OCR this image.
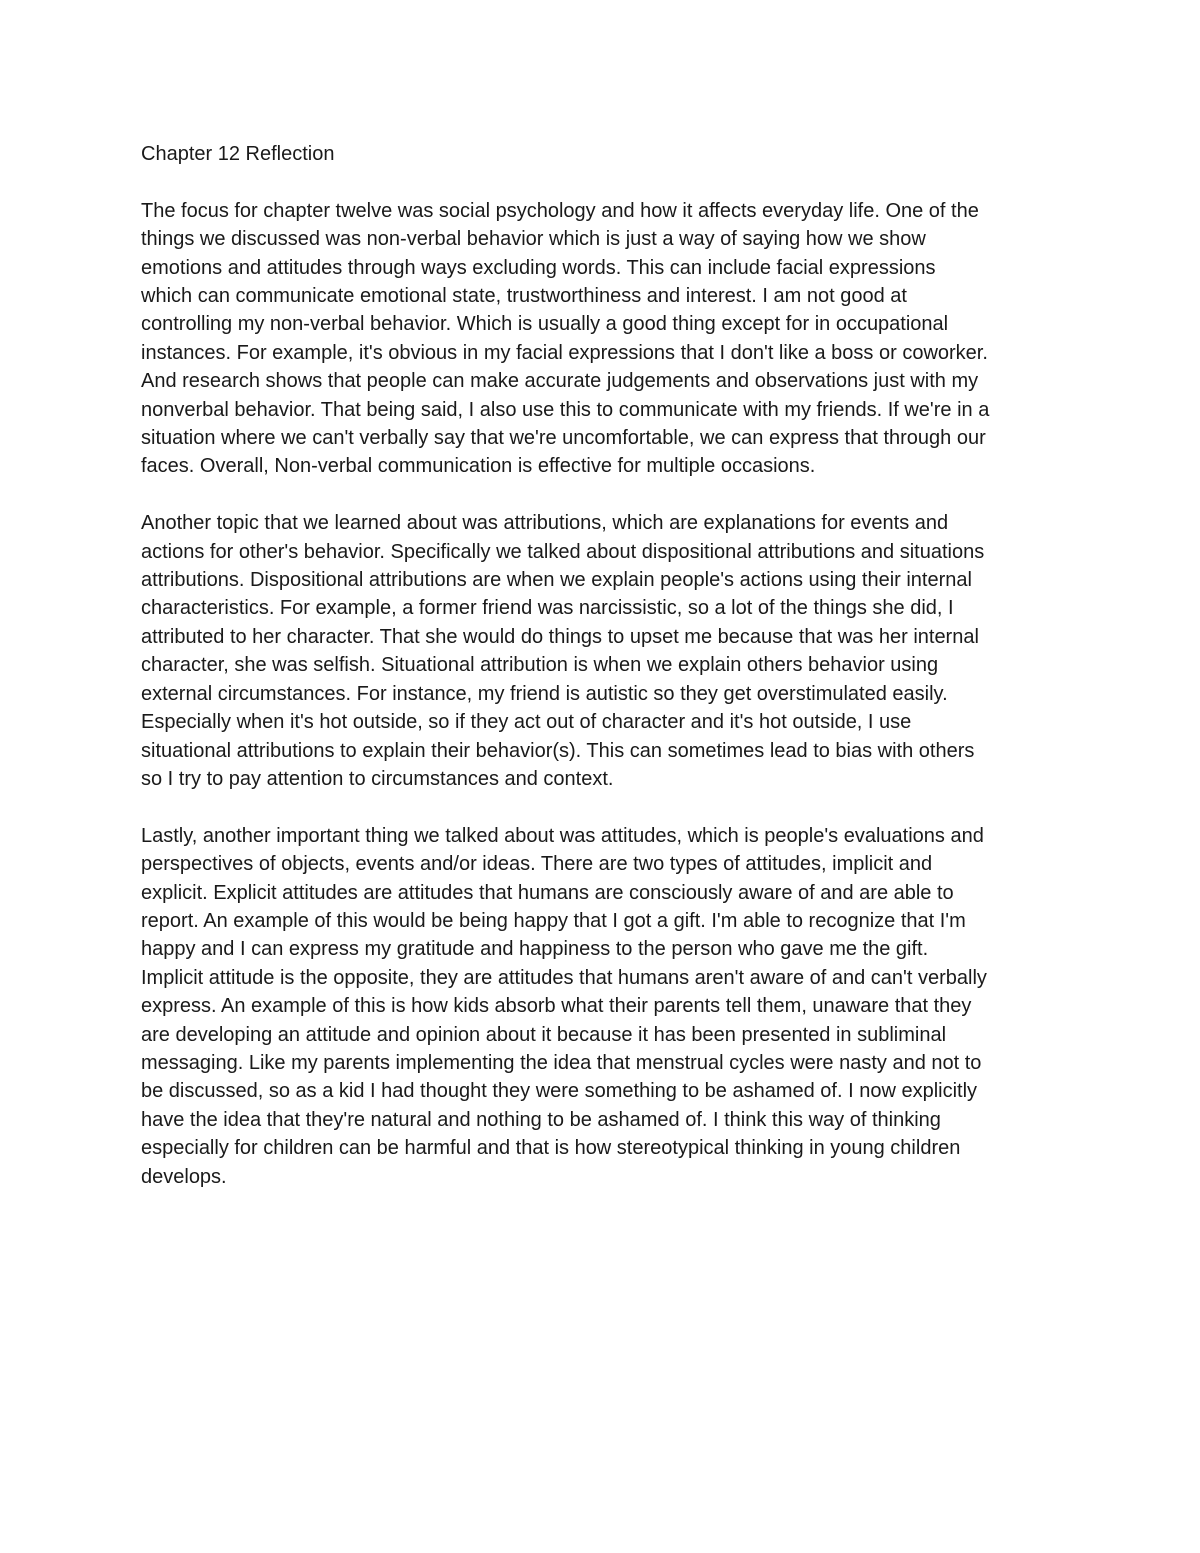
Chapter 12 Reflection

The focus for chapter twelve was social psychology and how it affects everyday life. One of the
things we discussed was non-verbal behavior which is just a way of saying how we show
emotions and attitudes through ways excluding words. This can include facial expressions
which can communicate emotional state, trustworthiness and interest. I am not good at
controlling my non-verbal behavior. Which is usually a good thing except for in occupational
instances. For example, it's obvious in my facial expressions that I don't like a boss or coworker.
And research shows that people can make accurate judgements and observations just with my
nonverbal behavior. That being said, I also use this to communicate with my friends. If we're in a
situation where we can't verbally say that we're uncomfortable, we can express that through our
faces. Overall, Non-verbal communication is effective for multiple occasions.

Another topic that we learned about was attributions, which are explanations for events and
actions for other's behavior. Specifically we talked about dispositional attributions and situations
attributions. Dispositional attributions are when we explain people's actions using their internal
characteristics. For example, a former friend was narcissistic, so a lot of the things she did, I
attributed to her character. That she would do things to upset me because that was her internal
character, she was selfish. Situational attribution is when we explain others behavior using
external circumstances. For instance, my friend is autistic so they get overstimulated easily.
Especially when it's hot outside, so if they act out of character and it's hot outside, I use
situational attributions to explain their behavior(s). This can sometimes lead to bias with others
so I try to pay attention to circumstances and context.

Lastly, another important thing we talked about was attitudes, which is people's evaluations and
perspectives of objects, events and/or ideas. There are two types of attitudes, implicit and
explicit. Explicit attitudes are attitudes that humans are consciously aware of and are able to
report. An example of this would be being happy that I got a gift. I'm able to recognize that I'm
happy and I can express my gratitude and happiness to the person who gave me the gift.
Implicit attitude is the opposite, they are attitudes that humans aren't aware of and can't verbally
express. An example of this is how kids absorb what their parents tell them, unaware that they
are developing an attitude and opinion about it because it has been presented in subliminal
messaging. Like my parents implementing the idea that menstrual cycles were nasty and not to
be discussed, so as a kid I had thought they were something to be ashamed of. I now explicitly
have the idea that they're natural and nothing to be ashamed of. I think this way of thinking
especially for children can be harmful and that is how stereotypical thinking in young children
develops.
